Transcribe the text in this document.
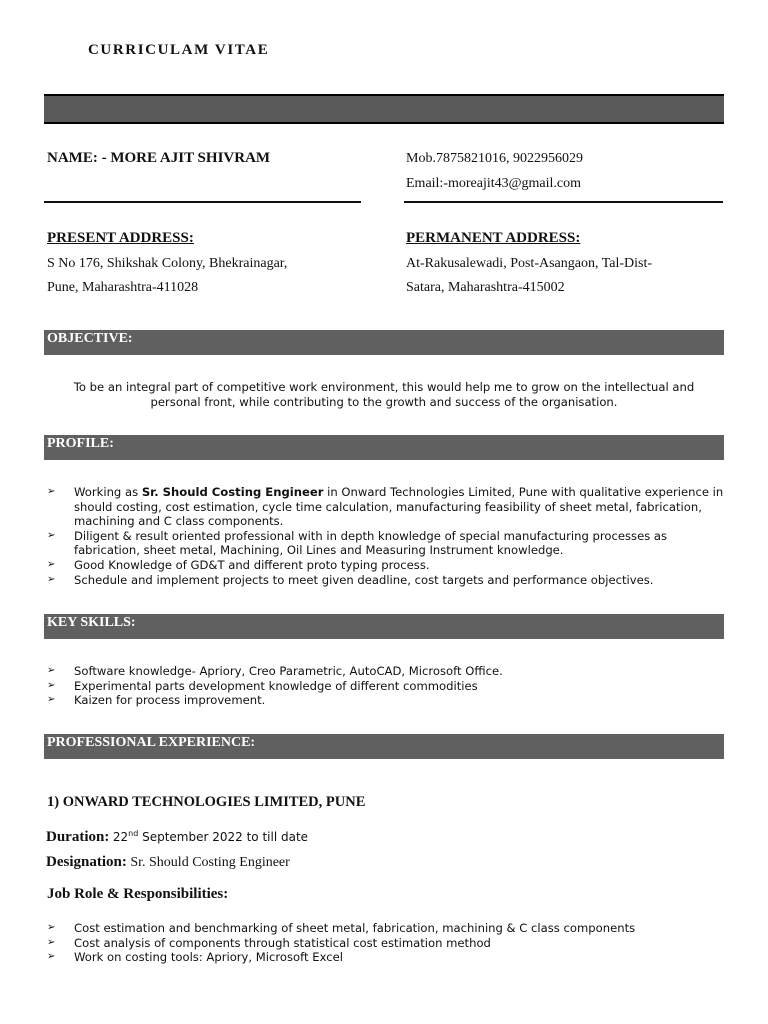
CURRICULAM VITAE
NAME: - MORE AJIT SHIVRAM	Mob.7875821016, 9022956029
Email:-moreajit43@gmail.com
PRESENT ADDRESS:
S No 176, Shikshak Colony, Bhekrainagar,
Pune, Maharashtra-411028
PERMANENT ADDRESS:
At-Rakusalewadi, Post-Asangaon, Tal-Dist-
Satara, Maharashtra-415002
OBJECTIVE:
To be an integral part of competitive work environment, this would help me to grow on the intellectual and personal front, while contributing to the growth and success of the organisation.
PROFILE:
➢ Working as Sr. Should Costing Engineer in Onward Technologies Limited, Pune with qualitative experience in should costing, cost estimation, cycle time calculation, manufacturing feasibility of sheet metal, fabrication, machining and C class components.
➢ Diligent & result oriented professional with in depth knowledge of special manufacturing processes as fabrication, sheet metal, Machining, Oil Lines and Measuring Instrument knowledge.
➢ Good Knowledge of GD&T and different proto typing process.
➢ Schedule and implement projects to meet given deadline, cost targets and performance objectives.
KEY SKILLS:
➢ Software knowledge- Apriory, Creo Parametric, AutoCAD, Microsoft Office.
➢ Experimental parts development knowledge of different commodities
➢ Kaizen for process improvement.
PROFESSIONAL EXPERIENCE:
1) ONWARD TECHNOLOGIES LIMITED, PUNE
Duration: 22nd September 2022 to till date
Designation: Sr. Should Costing Engineer
Job Role & Responsibilities:
➢ Cost estimation and benchmarking of sheet metal, fabrication, machining & C class components
➢ Cost analysis of components through statistical cost estimation method
➢ Work on costing tools: Apriory, Microsoft Excel
